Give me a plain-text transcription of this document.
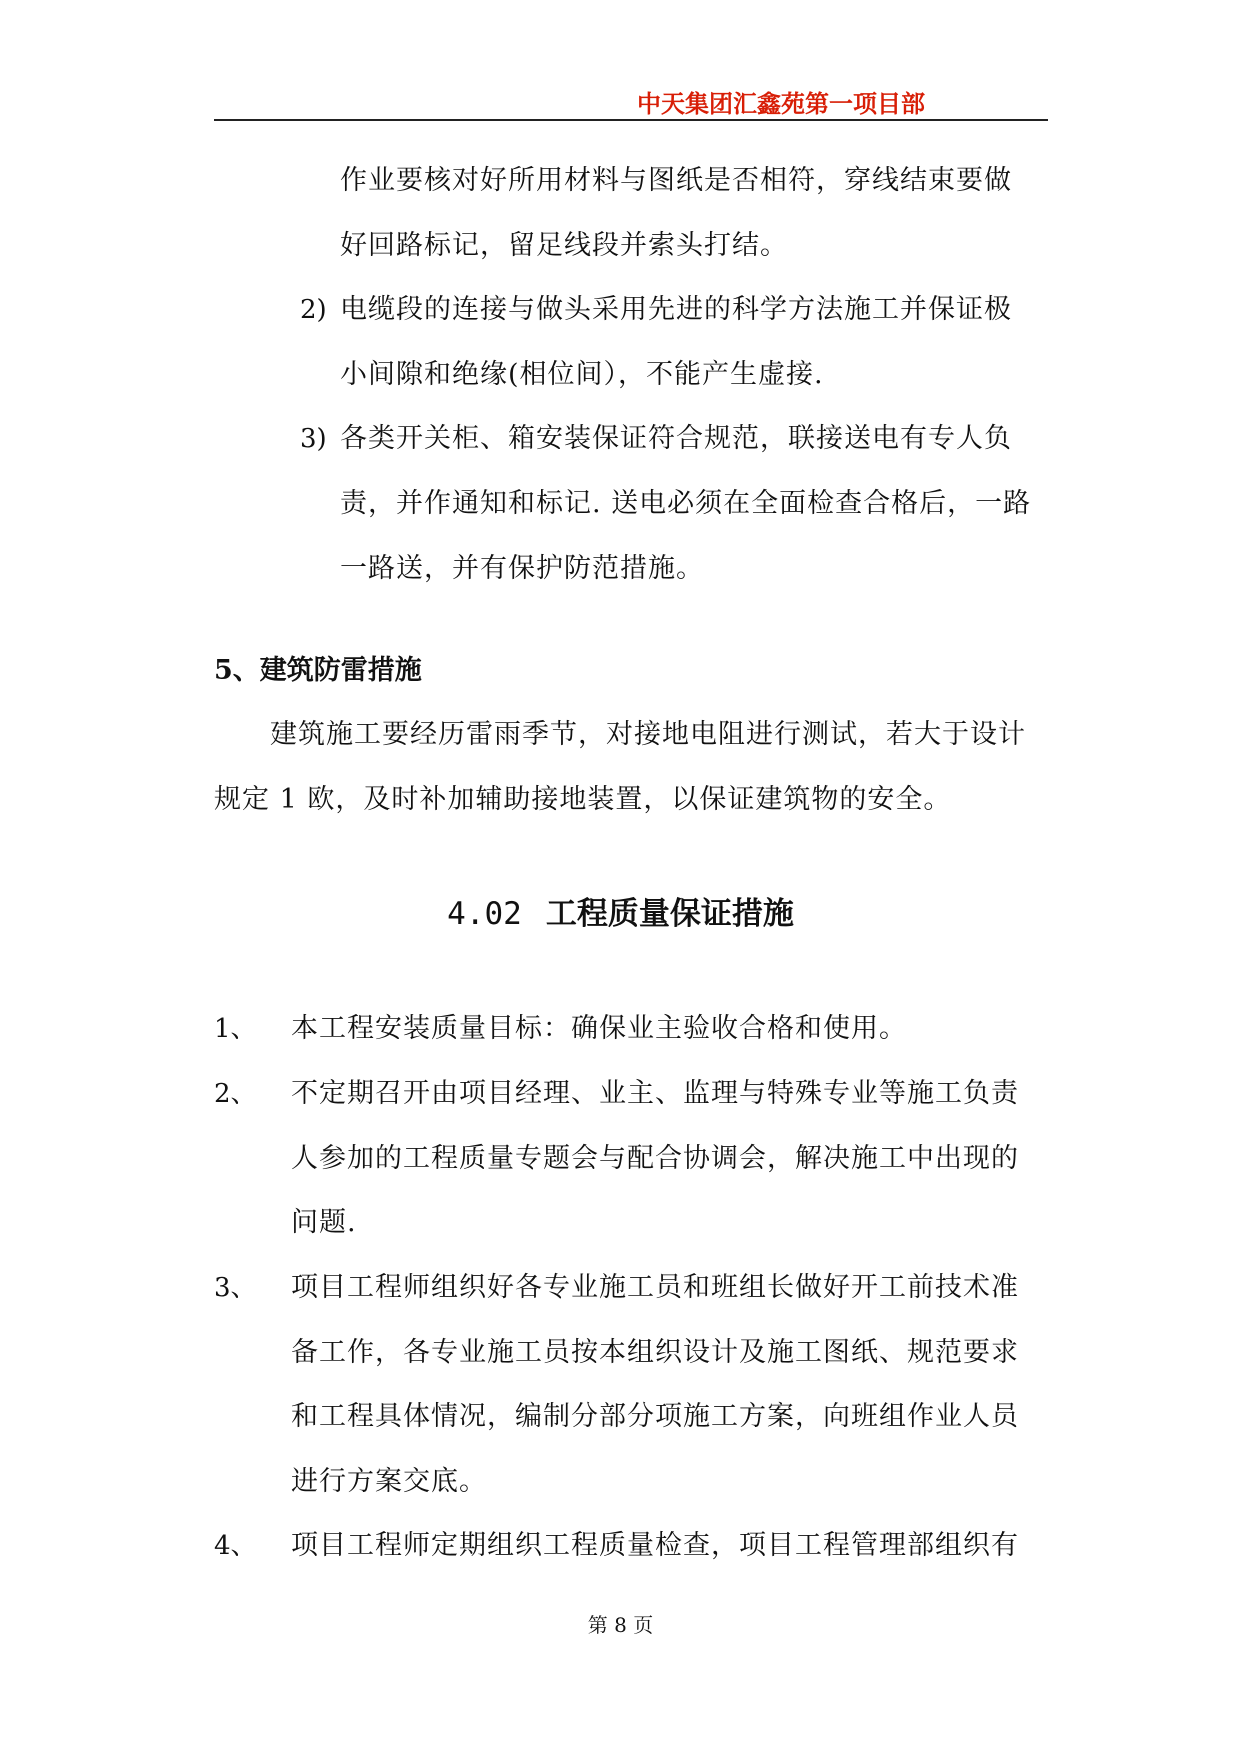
中天集团汇鑫苑第一项目部
作业要核对好所用材料与图纸是否相符，穿线结束要做
好回路标记，留足线段并索头打结。
2) 电缆段的连接与做头采用先进的科学方法施工并保证极
小间隙和绝缘(相位间），不能产生虚接.
3) 各类开关柜、箱安装保证符合规范，联接送电有专人负
责，并作通知和标记. 送电必须在全面检查合格后，一路
一路送，并有保护防范措施。
5、建筑防雷措施
建筑施工要经历雷雨季节，对接地电阻进行测试，若大于设计
规定 1 欧，及时补加辅助接地装置，以保证建筑物的安全。
4.02 工程质量保证措施
1、 本工程安装质量目标：确保业主验收合格和使用。
2、 不定期召开由项目经理、业主、监理与特殊专业等施工负责
人参加的工程质量专题会与配合协调会，解决施工中出现的
问题.
3、 项目工程师组织好各专业施工员和班组长做好开工前技术准
备工作，各专业施工员按本组织设计及施工图纸、规范要求
和工程具体情况，编制分部分项施工方案，向班组作业人员
进行方案交底。
4、 项目工程师定期组织工程质量检查，项目工程管理部组织有
第 8 页
